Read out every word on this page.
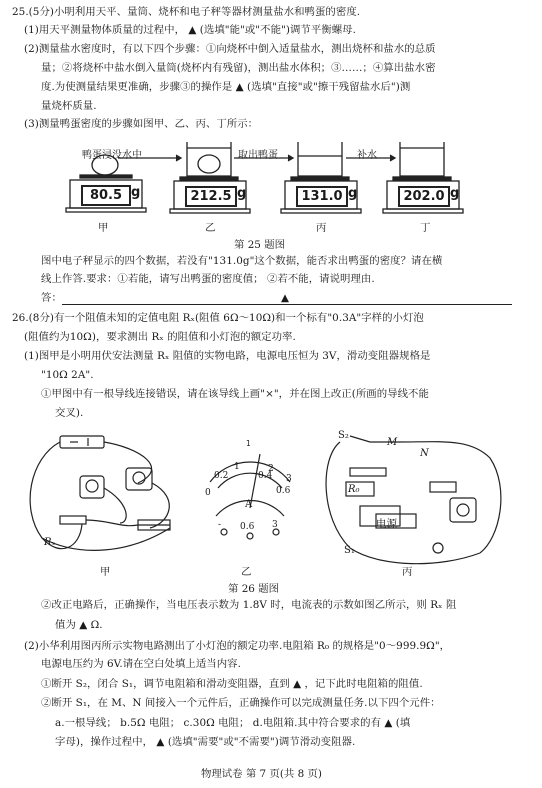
25.(5分)小明利用天平、量筒、烧杯和电子秤等器材测量盐水和鸭蛋的密度.
(1)用天平测量物体质量的过程中， ▲ (选填"能"或"不能")调节平衡螺母.
(2)测量盐水密度时，有以下四个步骤：①向烧杯中倒入适量盐水，测出烧杯和盐水的总质
量；②将烧杯中盐水倒入量筒(烧杯内有残留)，测出盐水体积；③……；④算出盐水密
度.为使测量结果更准确，步骤③的操作是 ▲ (选填"直接"或"擦干残留盐水后")测
量烧杯质量.
(3)测量鸭蛋密度的步骤如图甲、乙、丙、丁所示：
鸭蛋浸没水中	取出鸭蛋	补水
80.5 g	212.5 g	131.0 g	202.0 g
甲	乙	丙	丁
第 25 题图
图中电子秤显示的四个数据，若没有"131.0g"这个数据，能否求出鸭蛋的密度？请在横
线上作答.要求：①若能，请写出鸭蛋的密度值； ②若不能，请说明理由.
答：	▲
26.(8分)有一个阻值未知的定值电阻 Rₓ(阻值 6Ω～10Ω)和一个标有"0.3A"字样的小灯泡
(阻值约为10Ω)，要求测出 Rₓ 的阻值和小灯泡的额定功率.
(1)图甲是小明用伏安法测量 Rₓ 阻值的实物电路，电源电压恒为 3V，滑动变阻器规格是
"10Ω 2A".
①甲图中有一根导线连接错误，请在该导线上画"×"，并在图上改正(所画的导线不能
交叉).
1
0.2
1
0.4
0
2
0.6
3
A
- 0.6 3
Rₓ
S₂
M
N
R₀
电源
S₁
甲	乙	丙
第 26 题图
②改正电路后，正确操作，当电压表示数为 1.8V 时，电流表的示数如图乙所示，则 Rₓ 阻
值为 ▲ Ω.
(2)小华利用图丙所示实物电路测出了小灯泡的额定功率.电阻箱 R₀ 的规格是"0～999.9Ω"，
电源电压约为 6V.请在空白处填上适当内容.
①断开 S₂，闭合 S₁，调节电阻箱和滑动变阻器，直到 ▲ ，记下此时电阻箱的阻值.
②断开 S₁，在 M、N 间接入一个元件后，正确操作可以完成测量任务.以下四个元件：
a.一根导线； b.5Ω 电阻； c.30Ω 电阻； d.电阻箱.其中符合要求的有 ▲ (填
字母)，操作过程中， ▲ (选填"需要"或"不需要")调节滑动变阻器.
物理试卷 第 7 页(共 8 页)
